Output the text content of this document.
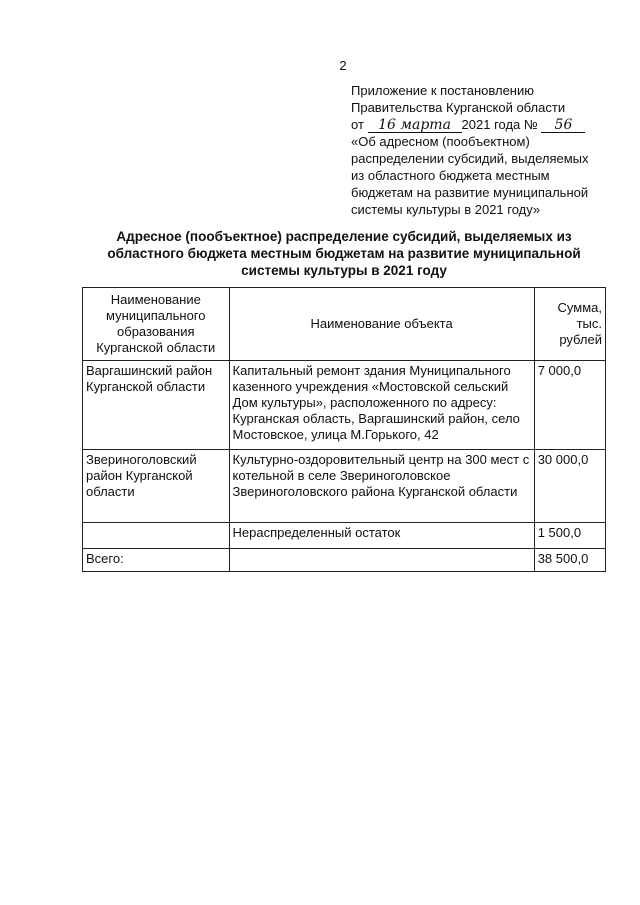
2
Приложение к постановлению
Правительства Курганской области
от 16 марта 2021 года № 56
«Об адресном (пообъектном)
распределении субсидий, выделяемых
из областного бюджета местным
бюджетам на развитие муниципальной
системы культуры в 2021 году»
Адресное (пообъектное) распределение субсидий, выделяемых из
областного бюджета местным бюджетам на развитие муниципальной
системы культуры в 2021 году
Наименование муниципального образования Курганской области	Наименование объекта	Сумма, тыс. рублей
Варгашинский район Курганской области	Капитальный ремонт здания Муниципального казенного учреждения «Мостовской сельский Дом культуры», расположенного по адресу: Курганская область, Варгашинский район, село Мостовское, улица М.Горького, 42	7 000,0
Звериноголовский район Курганской области	Культурно-оздоровительный центр на 300 мест с котельной в селе Звериноголовское Звериноголовского района Курганской области	30 000,0
	Нераспределенный остаток	1 500,0
Всего:		38 500,0
